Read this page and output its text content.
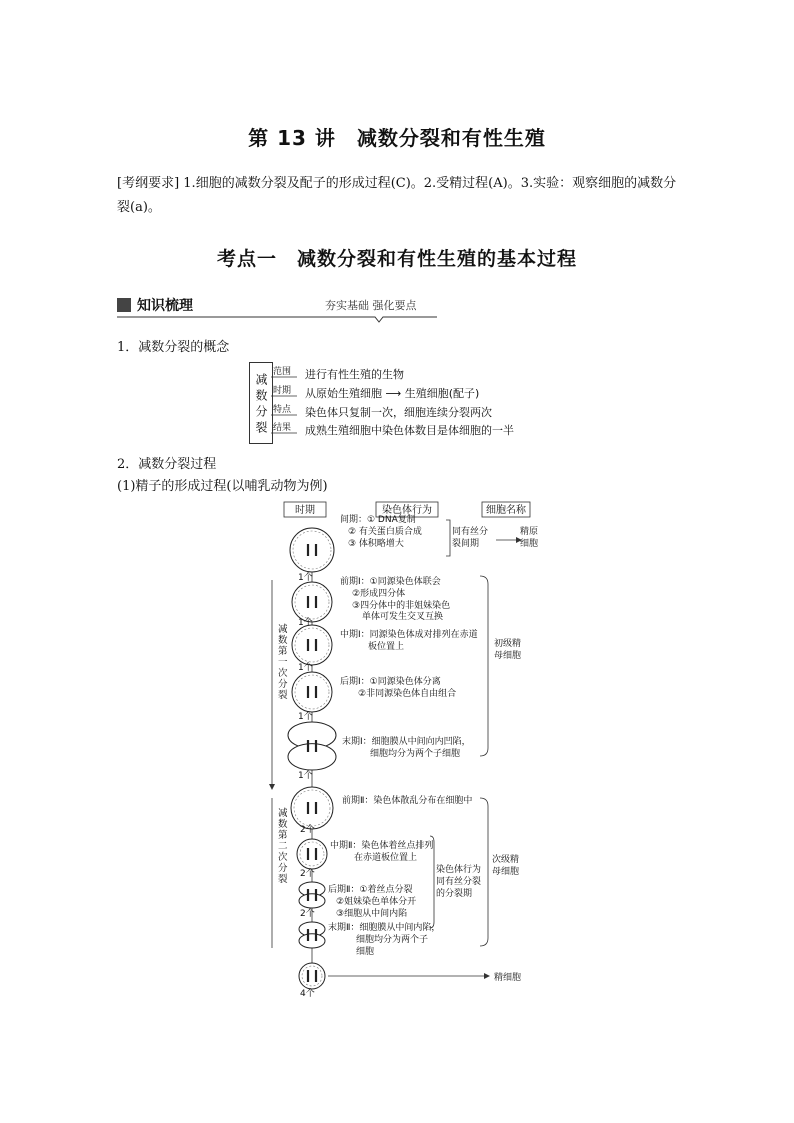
第 13 讲　减数分裂和有性生殖
[考纲要求] 1.细胞的减数分裂及配子的形成过程(C)。2.受精过程(A)。3.实验：观察细胞的减数分裂(a)。
考点一　减数分裂和有性生殖的基本过程
知识梳理	夯实基础 强化要点
1．减数分裂的概念
减数分裂
范围 进行有性生殖的生物
时期 从原始生殖细胞 ⟶ 生殖细胞(配子)
特点 染色体只复制一次，细胞连续分裂两次
结果 成熟生殖细胞中染色体数目是体细胞的一半
2．减数分裂过程
(1)精子的形成过程(以哺乳动物为例)
时期	染色体行为	细胞名称
1个
1个
1个
1个
1个
2个
2个
2个
4个
间期：① DNA复制
② 有关蛋白质合成
③ 体积略增大
前期Ⅰ：①同源染色体联会
②形成四分体
③四分体中的非姐妹染色
单体可发生交叉互换
中期Ⅰ：同源染色体成对排列在赤道
板位置上
后期Ⅰ：①同源染色体分离
②非同源染色体自由组合
末期Ⅰ：细胞膜从中间向内凹陷，
细胞均分为两个子细胞
前期Ⅱ：染色体散乱分布在细胞中
中期Ⅱ：染色体着丝点排列
在赤道板位置上
后期Ⅱ：①着丝点分裂
②姐妹染色单体分开
③细胞从中间内陷
末期Ⅱ：细胞膜从中间内陷，
细胞均分为两个子
细胞
同有丝分
裂间期
精原
细胞
初级精
母细胞
次级精
母细胞
染色体行为
同有丝分裂
的分裂期
精细胞
减
数
第
一
次
分
裂
减
数
第
二
次
分
裂
